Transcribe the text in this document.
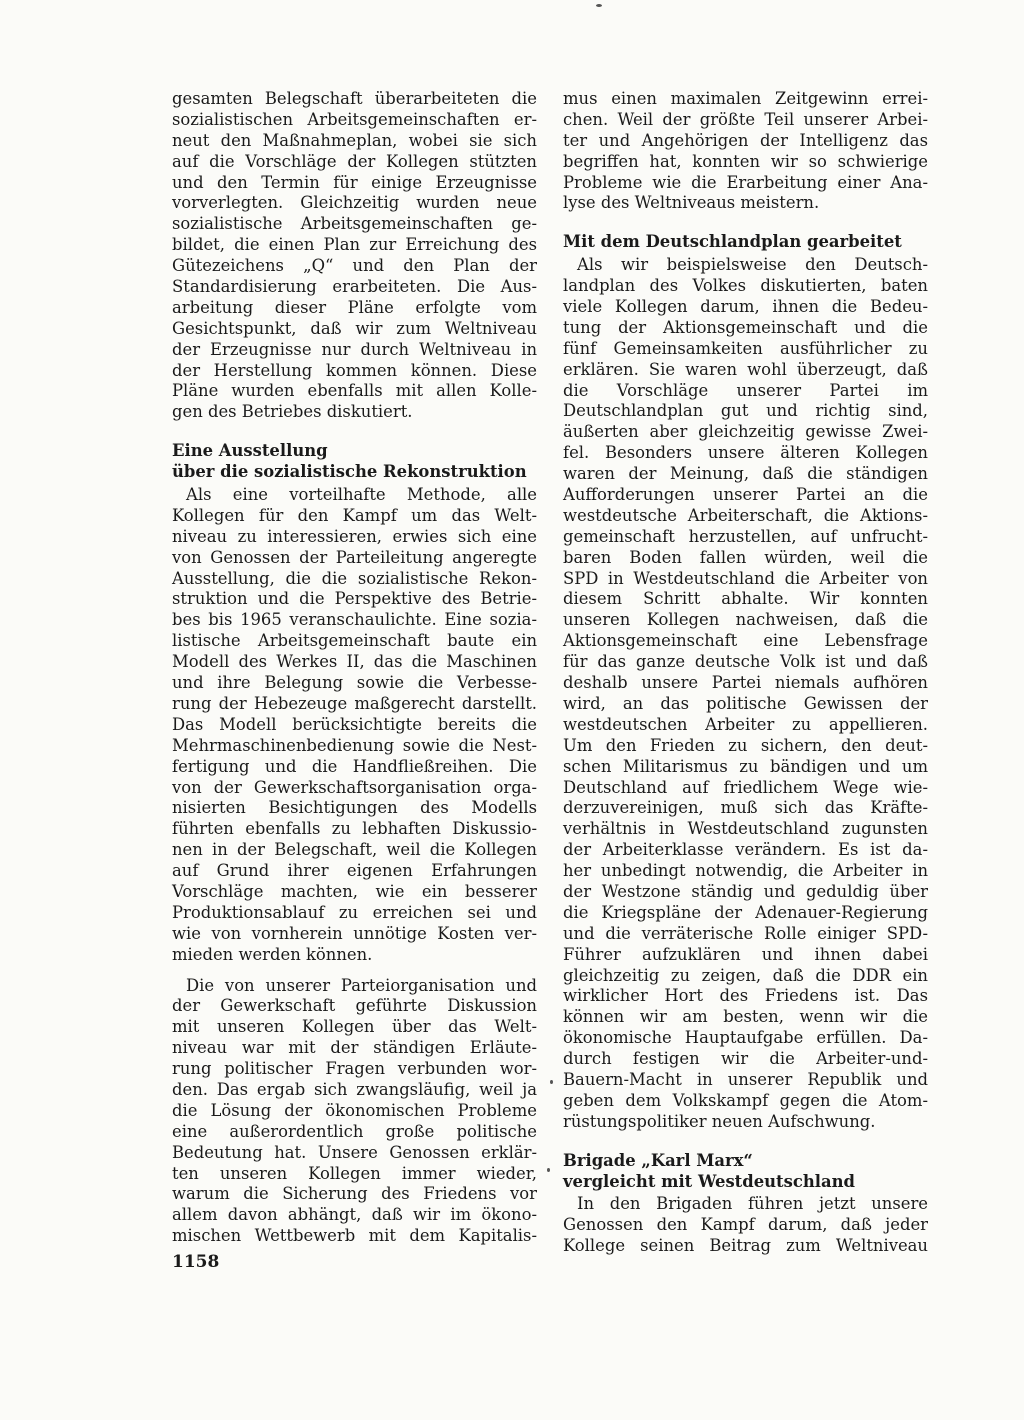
gesamten Belegschaft überarbeiteten die
sozialistischen Arbeitsgemeinschaften er-
neut den Maßnahmeplan, wobei sie sich
auf die Vorschläge der Kollegen stützten
und den Termin für einige Erzeugnisse
vorverlegten. Gleichzeitig wurden neue
sozialistische Arbeitsgemeinschaften ge-
bildet, die einen Plan zur Erreichung des
Gütezeichens „Q“ und den Plan der
Standardisierung erarbeiteten. Die Aus-
arbeitung dieser Pläne erfolgte vom
Gesichtspunkt, daß wir zum Weltniveau
der Erzeugnisse nur durch Weltniveau in
der Herstellung kommen können. Diese
Pläne wurden ebenfalls mit allen Kolle-
gen des Betriebes diskutiert.
Eine Ausstellung
über die sozialistische Rekonstruktion
Als eine vorteilhafte Methode, alle
Kollegen für den Kampf um das Welt-
niveau zu interessieren, erwies sich eine
von Genossen der Parteileitung angeregte
Ausstellung, die die sozialistische Rekon-
struktion und die Perspektive des Betrie-
bes bis 1965 veranschaulichte. Eine sozia-
listische Arbeitsgemeinschaft baute ein
Modell des Werkes II, das die Maschinen
und ihre Belegung sowie die Verbesse-
rung der Hebezeuge maßgerecht darstellt.
Das Modell berücksichtigte bereits die
Mehrmaschinenbedienung sowie die Nest-
fertigung und die Handfließreihen. Die
von der Gewerkschaftsorganisation orga-
nisierten Besichtigungen des Modells
führten ebenfalls zu lebhaften Diskussio-
nen in der Belegschaft, weil die Kollegen
auf Grund ihrer eigenen Erfahrungen
Vorschläge machten, wie ein besserer
Produktionsablauf zu erreichen sei und
wie von vornherein unnötige Kosten ver-
mieden werden können.
Die von unserer Parteiorganisation und
der Gewerkschaft geführte Diskussion
mit unseren Kollegen über das Welt-
niveau war mit der ständigen Erläute-
rung politischer Fragen verbunden wor-
den. Das ergab sich zwangsläufig, weil ja
die Lösung der ökonomischen Probleme
eine außerordentlich große politische
Bedeutung hat. Unsere Genossen erklär-
ten unseren Kollegen immer wieder,
warum die Sicherung des Friedens vor
allem davon abhängt, daß wir im ökono-
mischen Wettbewerb mit dem Kapitalis-
mus einen maximalen Zeitgewinn errei-
chen. Weil der größte Teil unserer Arbei-
ter und Angehörigen der Intelligenz das
begriffen hat, konnten wir so schwierige
Probleme wie die Erarbeitung einer Ana-
lyse des Weltniveaus meistern.
Mit dem Deutschlandplan gearbeitet
Als wir beispielsweise den Deutsch-
landplan des Volkes diskutierten, baten
viele Kollegen darum, ihnen die Bedeu-
tung der Aktionsgemeinschaft und die
fünf Gemeinsamkeiten ausführlicher zu
erklären. Sie waren wohl überzeugt, daß
die Vorschläge unserer Partei im
Deutschlandplan gut und richtig sind,
äußerten aber gleichzeitig gewisse Zwei-
fel. Besonders unsere älteren Kollegen
waren der Meinung, daß die ständigen
Aufforderungen unserer Partei an die
westdeutsche Arbeiterschaft, die Aktions-
gemeinschaft herzustellen, auf unfrucht-
baren Boden fallen würden, weil die
SPD in Westdeutschland die Arbeiter von
diesem Schritt abhalte. Wir konnten
unseren Kollegen nachweisen, daß die
Aktionsgemeinschaft eine Lebensfrage
für das ganze deutsche Volk ist und daß
deshalb unsere Partei niemals aufhören
wird, an das politische Gewissen der
westdeutschen Arbeiter zu appellieren.
Um den Frieden zu sichern, den deut-
schen Militarismus zu bändigen und um
Deutschland auf friedlichem Wege wie-
derzuvereinigen, muß sich das Kräfte-
verhältnis in Westdeutschland zugunsten
der Arbeiterklasse verändern. Es ist da-
her unbedingt notwendig, die Arbeiter in
der Westzone ständig und geduldig über
die Kriegspläne der Adenauer-Regierung
und die verräterische Rolle einiger SPD-
Führer aufzuklären und ihnen dabei
gleichzeitig zu zeigen, daß die DDR ein
wirklicher Hort des Friedens ist. Das
können wir am besten, wenn wir die
ökonomische Hauptaufgabe erfüllen. Da-
durch festigen wir die Arbeiter-und-
Bauern-Macht in unserer Republik und
geben dem Volkskampf gegen die Atom-
rüstungspolitiker neuen Aufschwung.
Brigade „Karl Marx“
vergleicht mit Westdeutschland
In den Brigaden führen jetzt unsere
Genossen den Kampf darum, daß jeder
Kollege seinen Beitrag zum Weltniveau
1158
